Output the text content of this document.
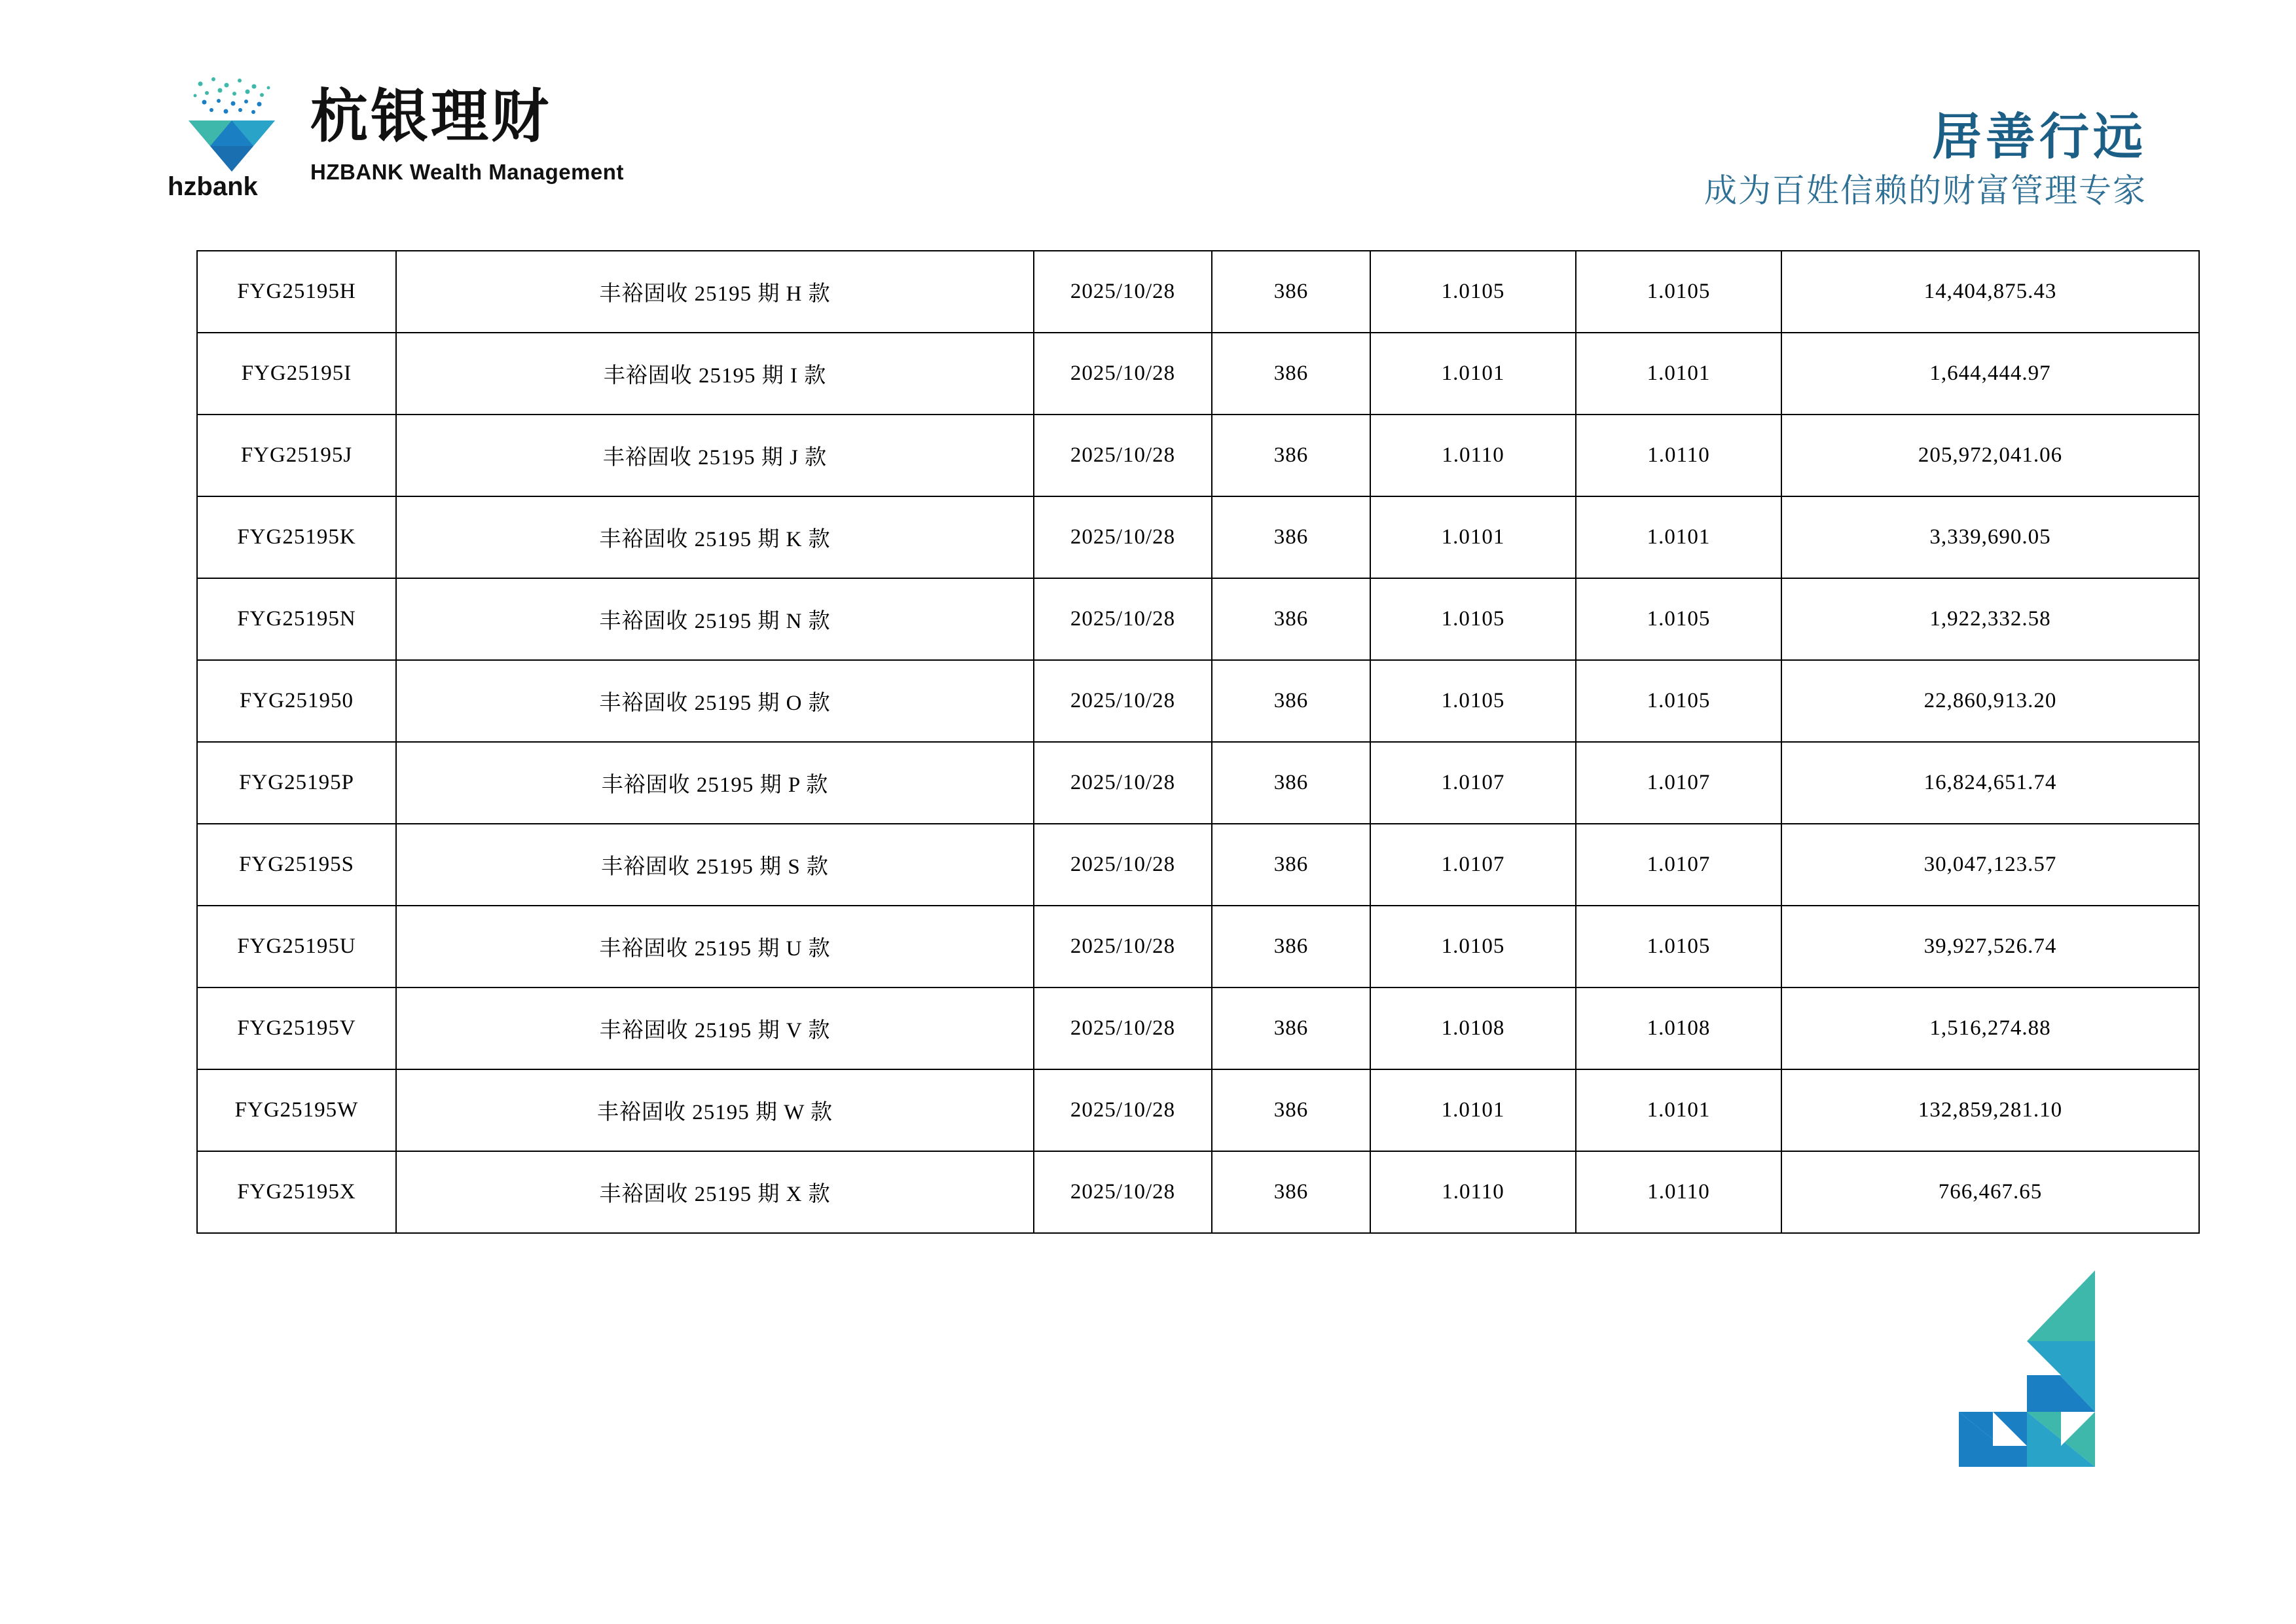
hzbank
杭银理财
HZBANK Wealth Management
居善行远
成为百姓信赖的财富管理专家
FYG25195H	丰裕固收 25195 期 H 款	2025/10/28	386	1.0105	1.0105	14,404,875.43
FYG25195I	丰裕固收 25195 期 I 款	2025/10/28	386	1.0101	1.0101	1,644,444.97
FYG25195J	丰裕固收 25195 期 J 款	2025/10/28	386	1.0110	1.0110	205,972,041.06
FYG25195K	丰裕固收 25195 期 K 款	2025/10/28	386	1.0101	1.0101	3,339,690.05
FYG25195N	丰裕固收 25195 期 N 款	2025/10/28	386	1.0105	1.0105	1,922,332.58
FYG251950	丰裕固收 25195 期 O 款	2025/10/28	386	1.0105	1.0105	22,860,913.20
FYG25195P	丰裕固收 25195 期 P 款	2025/10/28	386	1.0107	1.0107	16,824,651.74
FYG25195S	丰裕固收 25195 期 S 款	2025/10/28	386	1.0107	1.0107	30,047,123.57
FYG25195U	丰裕固收 25195 期 U 款	2025/10/28	386	1.0105	1.0105	39,927,526.74
FYG25195V	丰裕固收 25195 期 V 款	2025/10/28	386	1.0108	1.0108	1,516,274.88
FYG25195W	丰裕固收 25195 期 W 款	2025/10/28	386	1.0101	1.0101	132,859,281.10
FYG25195X	丰裕固收 25195 期 X 款	2025/10/28	386	1.0110	1.0110	766,467.65
